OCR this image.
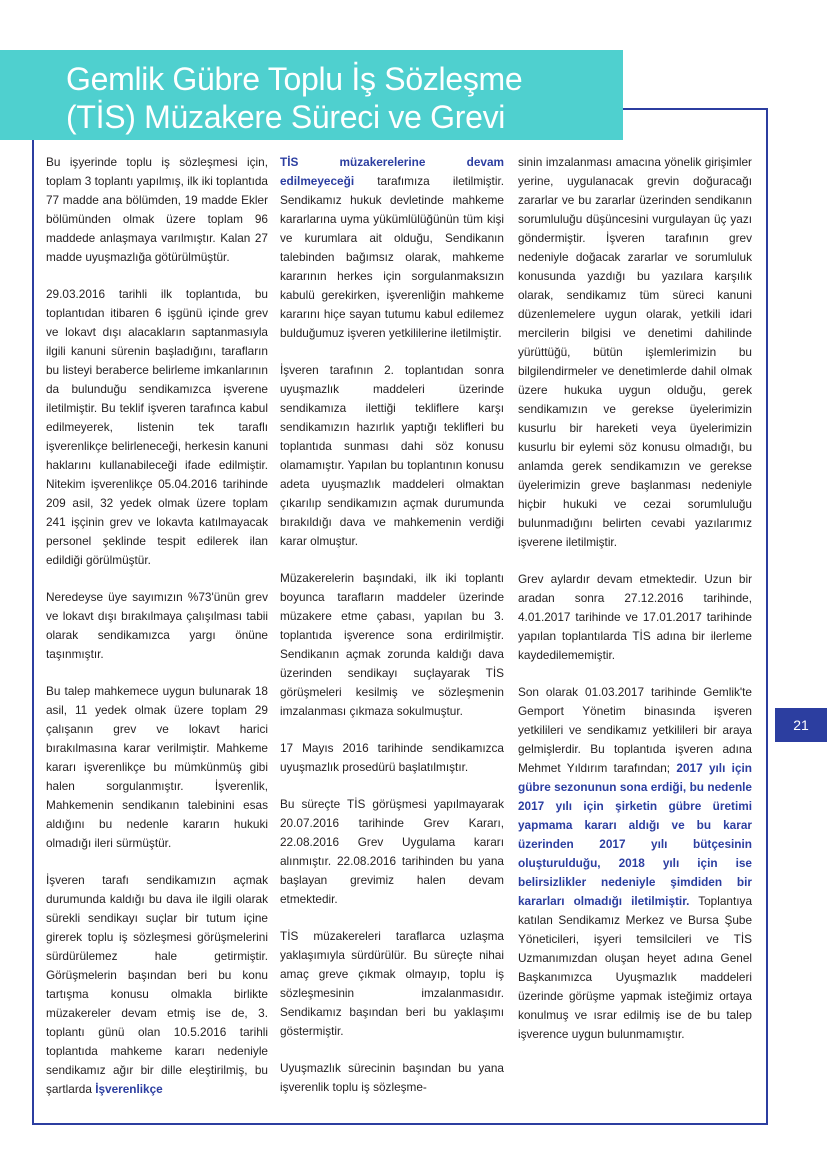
Gemlik Gübre Toplu İş Sözleşme
(TİS) Müzakere Süreci ve Grevi
21

Bu işyerinde toplu iş sözleşmesi için, toplam 3 toplantı yapılmış, ilk iki toplantıda 77 madde ana bölümden, 19 madde Ekler bölümünden olmak üzere toplam 96 maddede anlaşmaya varılmıştır. Kalan 27 madde uyuşmazlığa götürülmüştür.

29.03.2016 tarihli ilk toplantıda, bu toplantıdan itibaren 6 işgünü içinde grev ve lokavt dışı alacakların saptanmasıyla ilgili kanuni sürenin başladığını, tarafların bu listeyi beraberce belirleme imkanlarının da bulunduğu sendikamızca işverene iletilmiştir. Bu teklif işveren tarafınca kabul edilmeyerek, listenin tek taraflı işverenlikçe belirleneceği, herkesin kanuni haklarını kullanabileceği ifade edilmiştir. Nitekim işverenlikçe 05.04.2016 tarihinde 209 asil, 32 yedek olmak üzere toplam 241 işçinin grev ve lokavta katılmayacak personel şeklinde tespit edilerek ilan edildiği görülmüştür.

Neredeyse üye sayımızın %73'ünün grev ve lokavt dışı bırakılmaya çalışılması tabii olarak sendikamızca yargı önüne taşınmıştır.

Bu talep mahkemece uygun bulunarak 18 asil, 11 yedek olmak üzere toplam 29 çalışanın grev ve lokavt harici bırakılmasına karar verilmiştir. Mahkeme kararı işverenlikçe bu mümkünmüş gibi halen sorgulanmıştır. İşverenlik, Mahkemenin sendikanın talebinini esas aldığını bu nedenle kararın hukuki olmadığı ileri sürmüştür.

İşveren tarafı sendikamızın açmak durumunda kaldığı bu dava ile ilgili olarak sürekli sendikayı suçlar bir tutum içine girerek toplu iş sözleşmesi görüşmelerini sürdürülemez hale getirmiştir. Görüşmelerin başından beri bu konu tartışma konusu olmakla birlikte müzakereler devam etmiş ise de, 3. toplantı günü olan 10.5.2016 tarihli toplantıda mahkeme kararı nedeniyle sendikamız ağır bir dille eleştirilmiş, bu şartlarda İşverenlikçe

TİS müzakerelerine devam edilmeyeceği tarafımıza iletilmiştir. Sendikamız hukuk devletinde mahkeme kararlarına uyma yükümlülüğünün tüm kişi ve kurumlara ait olduğu, Sendikanın talebinden bağımsız olarak, mahkeme kararının herkes için sorgulanmaksızın kabulü gerekirken, işverenliğin mahkeme kararını hiçe sayan tutumu kabul edilemez bulduğumuz işveren yetkililerine iletilmiştir.

İşveren tarafının 2. toplantıdan sonra uyuşmazlık maddeleri üzerinde sendikamıza ilettiği tekliflere karşı sendikamızın hazırlık yaptığı teklifleri bu toplantıda sunması dahi söz konusu olamamıştır. Yapılan bu toplantının konusu adeta uyuşmazlık maddeleri olmaktan çıkarılıp sendikamızın açmak durumunda bırakıldığı dava ve mahkemenin verdiği karar olmuştur.

Müzakerelerin başındaki, ilk iki toplantı boyunca tarafların maddeler üzerinde müzakere etme çabası, yapılan bu 3. toplantıda işverence sona erdirilmiştir. Sendikanın açmak zorunda kaldığı dava üzerinden sendikayı suçlayarak TİS görüşmeleri kesilmiş ve sözleşmenin imzalanması çıkmaza sokulmuştur.

17 Mayıs 2016 tarihinde sendikamızca uyuşmazlık prosedürü başlatılmıştır.

Bu süreçte TİS görüşmesi yapılmayarak 20.07.2016 tarihinde Grev Kararı, 22.08.2016 Grev Uygulama kararı alınmıştır. 22.08.2016 tarihinden bu yana başlayan grevimiz halen devam etmektedir.

TİS müzakereleri taraflarca uzlaşma yaklaşımıyla sürdürülür. Bu süreçte nihai amaç greve çıkmak olmayıp, toplu iş sözleşmesinin imzalanmasıdır. Sendikamız başından beri bu yaklaşımı göstermiştir.

Uyuşmazlık sürecinin başından bu yana işverenlik toplu iş sözleşme-

sinin imzalanması amacına yönelik girişimler yerine, uygulanacak grevin doğuracağı zararlar ve bu zararlar üzerinden sendikanın sorumluluğu düşüncesini vurgulayan üç yazı göndermiştir. İşveren tarafının grev nedeniyle doğacak zararlar ve sorumluluk konusunda yazdığı bu yazılara karşılık olarak, sendikamız tüm süreci kanuni düzenlemelere uygun olarak, yetkili idari mercilerin bilgisi ve denetimi dahilinde yürüttüğü, bütün işlemlerimizin bu bilgilendirmeler ve denetimlerde dahil olmak üzere hukuka uygun olduğu, gerek sendikamızın ve gerekse üyelerimizin kusurlu bir hareketi veya üyelerimizin kusurlu bir eylemi söz konusu olmadığı, bu anlamda gerek sendikamızın ve gerekse üyelerimizin greve başlanması nedeniyle hiçbir hukuki ve cezai sorumluluğu bulunmadığını belirten cevabi yazılarımız işverene iletilmiştir.

Grev aylardır devam etmektedir. Uzun bir aradan sonra 27.12.2016 tarihinde, 4.01.2017 tarihinde ve 17.01.2017 tarihinde yapılan toplantılarda TİS adına bir ilerleme kaydedilememiştir.

Son olarak 01.03.2017 tarihinde Gemlik'te Gemport Yönetim binasında işveren yetkilileri ve sendikamız yetkilileri bir araya gelmişlerdir. Bu toplantıda işveren adına Mehmet Yıldırım tarafından; 2017 yılı için gübre sezonunun sona erdiği, bu nedenle 2017 yılı için şirketin gübre üretimi yapmama kararı aldığı ve bu karar üzerinden 2017 yılı bütçesinin oluşturulduğu, 2018 yılı için ise belirsizlikler nedeniyle şimdiden bir kararları olmadığı iletilmiştir. Toplantıya katılan Sendikamız Merkez ve Bursa Şube Yöneticileri, işyeri temsilcileri ve TİS Uzmanımızdan oluşan heyet adına Genel Başkanımızca Uyuşmazlık maddeleri üzerinde görüşme yapmak isteğimiz ortaya konulmuş ve ısrar edilmiş ise de bu talep işverence uygun bulunmamıştır.
